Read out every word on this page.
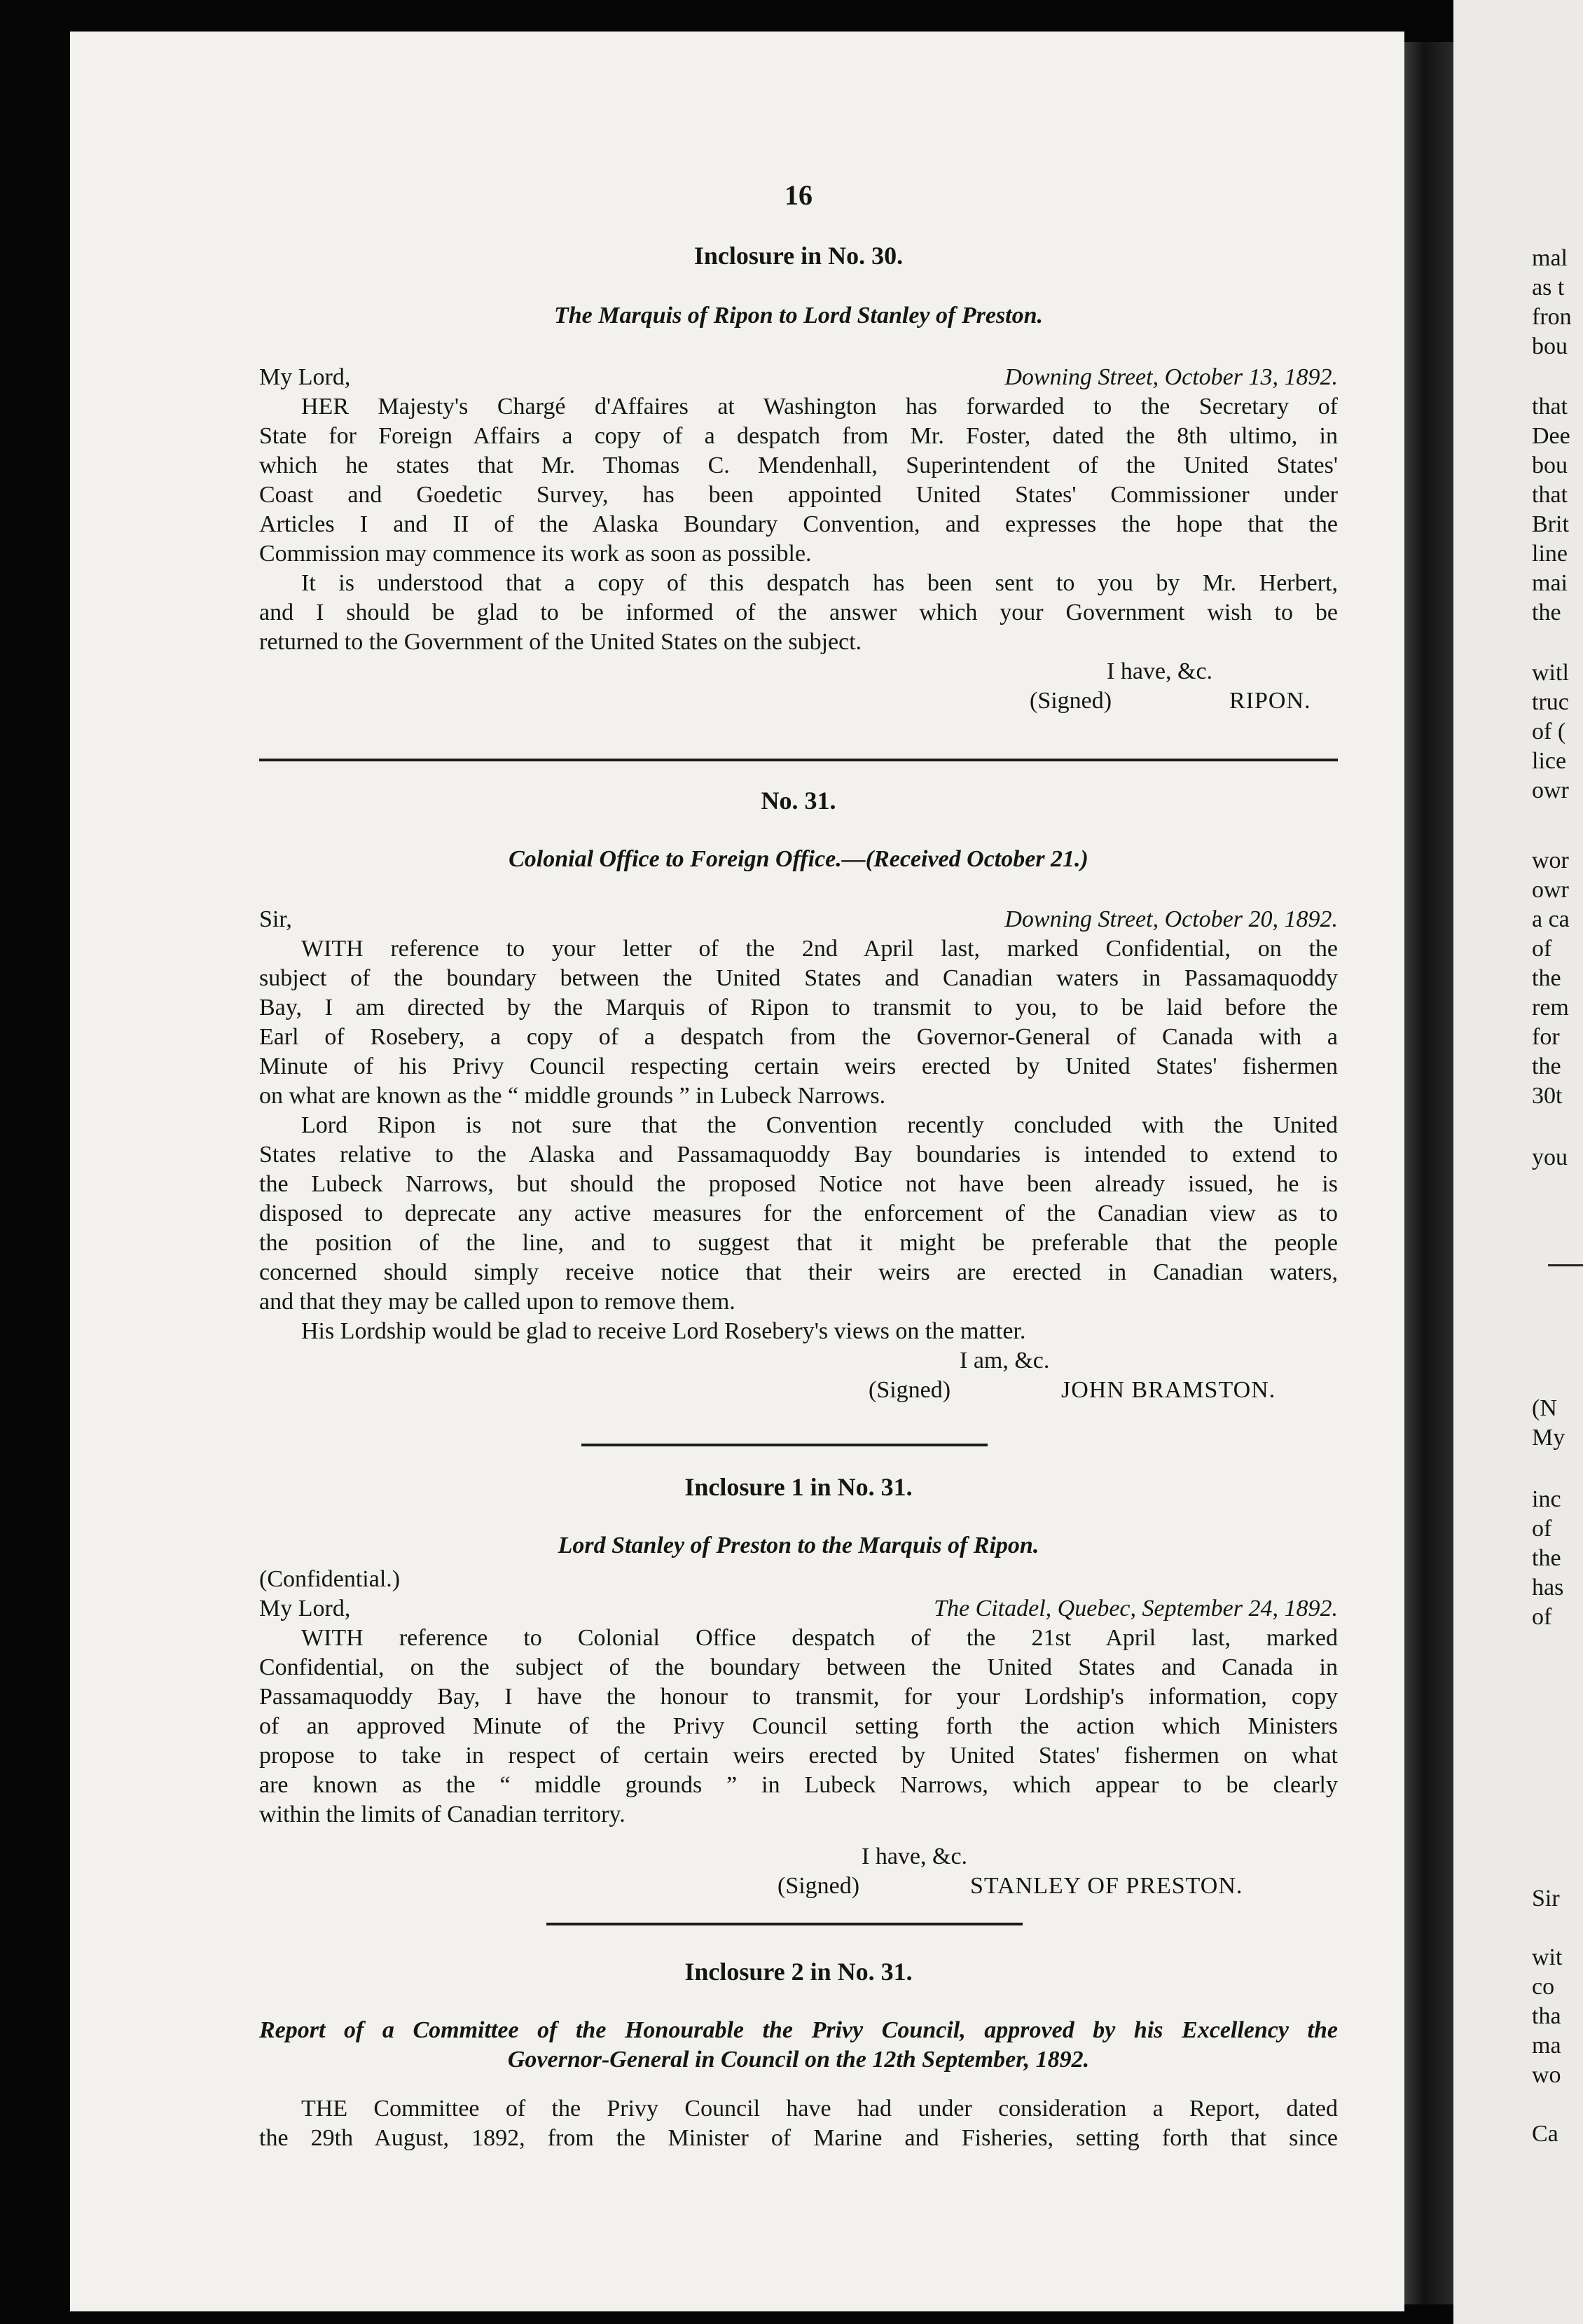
mal
as t
fron
bou
that
Dee
bou
that
Brit
line
mai
the
witl
truc
of (
lice
owr
wor
owr
a ca
of
the
rem
for
the
30t
you
(N
My
inc
of
the
has
of
Sir
wit
co
tha
ma
wo
Ca
16
Inclosure in No. 30.
The Marquis of Ripon to Lord Stanley of Preston.
My Lord,	Downing Street, October 13, 1892.
HER Majesty's Chargé d'Affaires at Washington has forwarded to the Secretary of
State for Foreign Affairs a copy of a despatch from Mr. Foster, dated the 8th ultimo, in
which he states that Mr. Thomas C. Mendenhall, Superintendent of the United States'
Coast and Goedetic Survey, has been appointed United States' Commissioner under
Articles I and II of the Alaska Boundary Convention, and expresses the hope that the
Commission may commence its work as soon as possible.
It is understood that a copy of this despatch has been sent to you by Mr. Herbert,
and I should be glad to be informed of the answer which your Government wish to be
returned to the Government of the United States on the subject.
I have, &c.
(Signed)	RIPON.
No. 31.
Colonial Office to Foreign Office.—(Received October 21.)
Sir,	Downing Street, October 20, 1892.
WITH reference to your letter of the 2nd April last, marked Confidential, on the
subject of the boundary between the United States and Canadian waters in Passamaquoddy
Bay, I am directed by the Marquis of Ripon to transmit to you, to be laid before the
Earl of Rosebery, a copy of a despatch from the Governor-General of Canada with a
Minute of his Privy Council respecting certain weirs erected by United States' fishermen
on what are known as the “ middle grounds ” in Lubeck Narrows.
Lord Ripon is not sure that the Convention recently concluded with the United
States relative to the Alaska and Passamaquoddy Bay boundaries is intended to extend to
the Lubeck Narrows, but should the proposed Notice not have been already issued, he is
disposed to deprecate any active measures for the enforcement of the Canadian view as to
the position of the line, and to suggest that it might be preferable that the people
concerned should simply receive notice that their weirs are erected in Canadian waters,
and that they may be called upon to remove them.
His Lordship would be glad to receive Lord Rosebery's views on the matter.
I am, &c.
(Signed)	JOHN BRAMSTON.
Inclosure 1 in No. 31.
Lord Stanley of Preston to the Marquis of Ripon.
(Confidential.)
My Lord,	The Citadel, Quebec, September 24, 1892.
WITH reference to Colonial Office despatch of the 21st April last, marked
Confidential, on the subject of the boundary between the United States and Canada in
Passamaquoddy Bay, I have the honour to transmit, for your Lordship's information, copy
of an approved Minute of the Privy Council setting forth the action which Ministers
propose to take in respect of certain weirs erected by United States' fishermen on what
are known as the “ middle grounds ” in Lubeck Narrows, which appear to be clearly
within the limits of Canadian territory.
I have, &c.
(Signed)	STANLEY OF PRESTON.
Inclosure 2 in No. 31.
Report of a Committee of the Honourable the Privy Council, approved by his Excellency the
Governor-General in Council on the 12th September, 1892.
THE Committee of the Privy Council have had under consideration a Report, dated
the 29th August, 1892, from the Minister of Marine and Fisheries, setting forth that since
